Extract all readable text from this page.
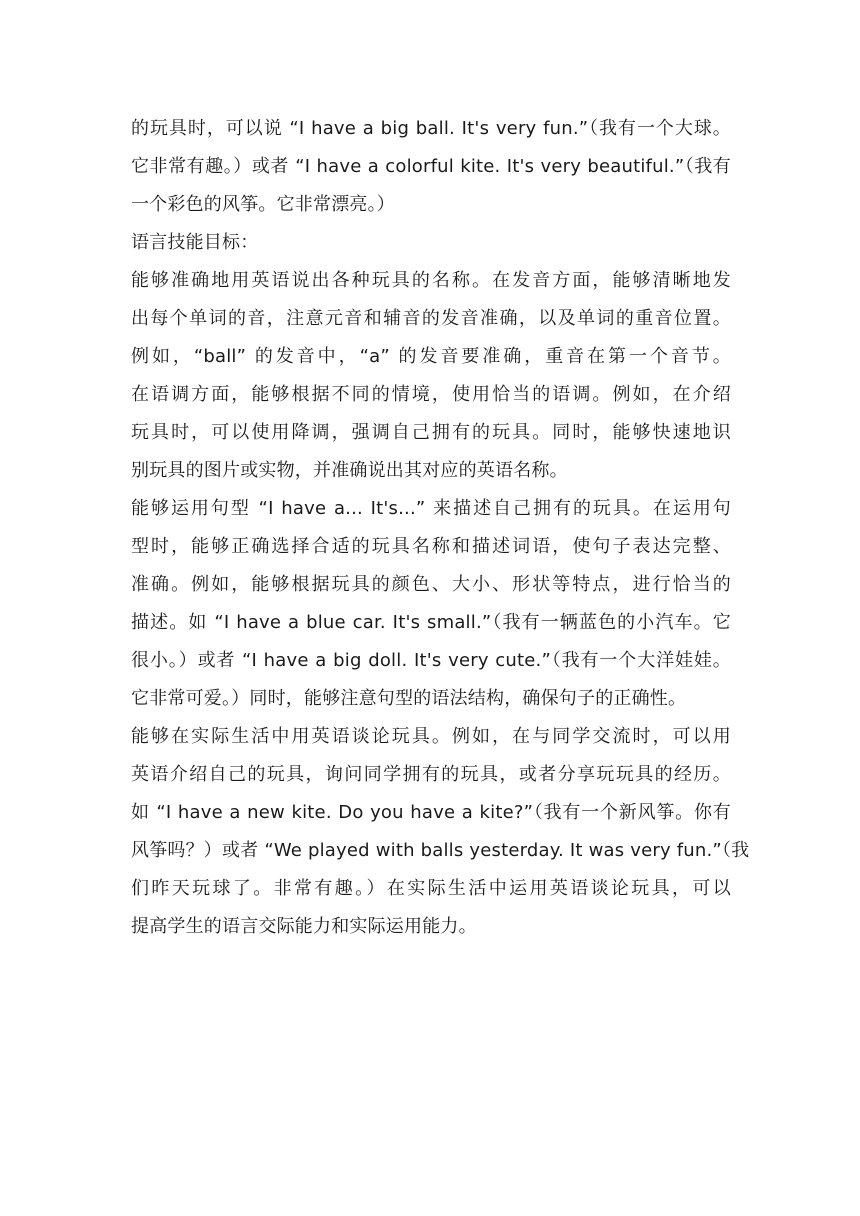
的玩具时，可以说 “I have a big ball. It's very fun.”（我有一个大球。
它非常有趣。）或者 “I have a colorful kite. It's very beautiful.”（我有
一个彩色的风筝。它非常漂亮。）
语言技能目标：
能够准确地用英语说出各种玩具的名称。在发音方面，能够清晰地发
出每个单词的音，注意元音和辅音的发音准确，以及单词的重音位置。
例如，“ball” 的发音中，“a” 的发音要准确，重音在第一个音节。
在语调方面，能够根据不同的情境，使用恰当的语调。例如，在介绍
玩具时，可以使用降调，强调自己拥有的玩具。同时，能够快速地识
别玩具的图片或实物，并准确说出其对应的英语名称。
能够运用句型 “I have a... It's...” 来描述自己拥有的玩具。在运用句
型时，能够正确选择合适的玩具名称和描述词语，使句子表达完整、
准确。例如，能够根据玩具的颜色、大小、形状等特点，进行恰当的
描述。如 “I have a blue car. It's small.”（我有一辆蓝色的小汽车。它
很小。）或者 “I have a big doll. It's very cute.”（我有一个大洋娃娃。
它非常可爱。）同时，能够注意句型的语法结构，确保句子的正确性。
能够在实际生活中用英语谈论玩具。例如，在与同学交流时，可以用
英语介绍自己的玩具，询问同学拥有的玩具，或者分享玩玩具的经历。
如 “I have a new kite. Do you have a kite?”（我有一个新风筝。你有
风筝吗？）或者 “We played with balls yesterday. It was very fun.”（我
们昨天玩球了。非常有趣。）在实际生活中运用英语谈论玩具，可以
提高学生的语言交际能力和实际运用能力。
